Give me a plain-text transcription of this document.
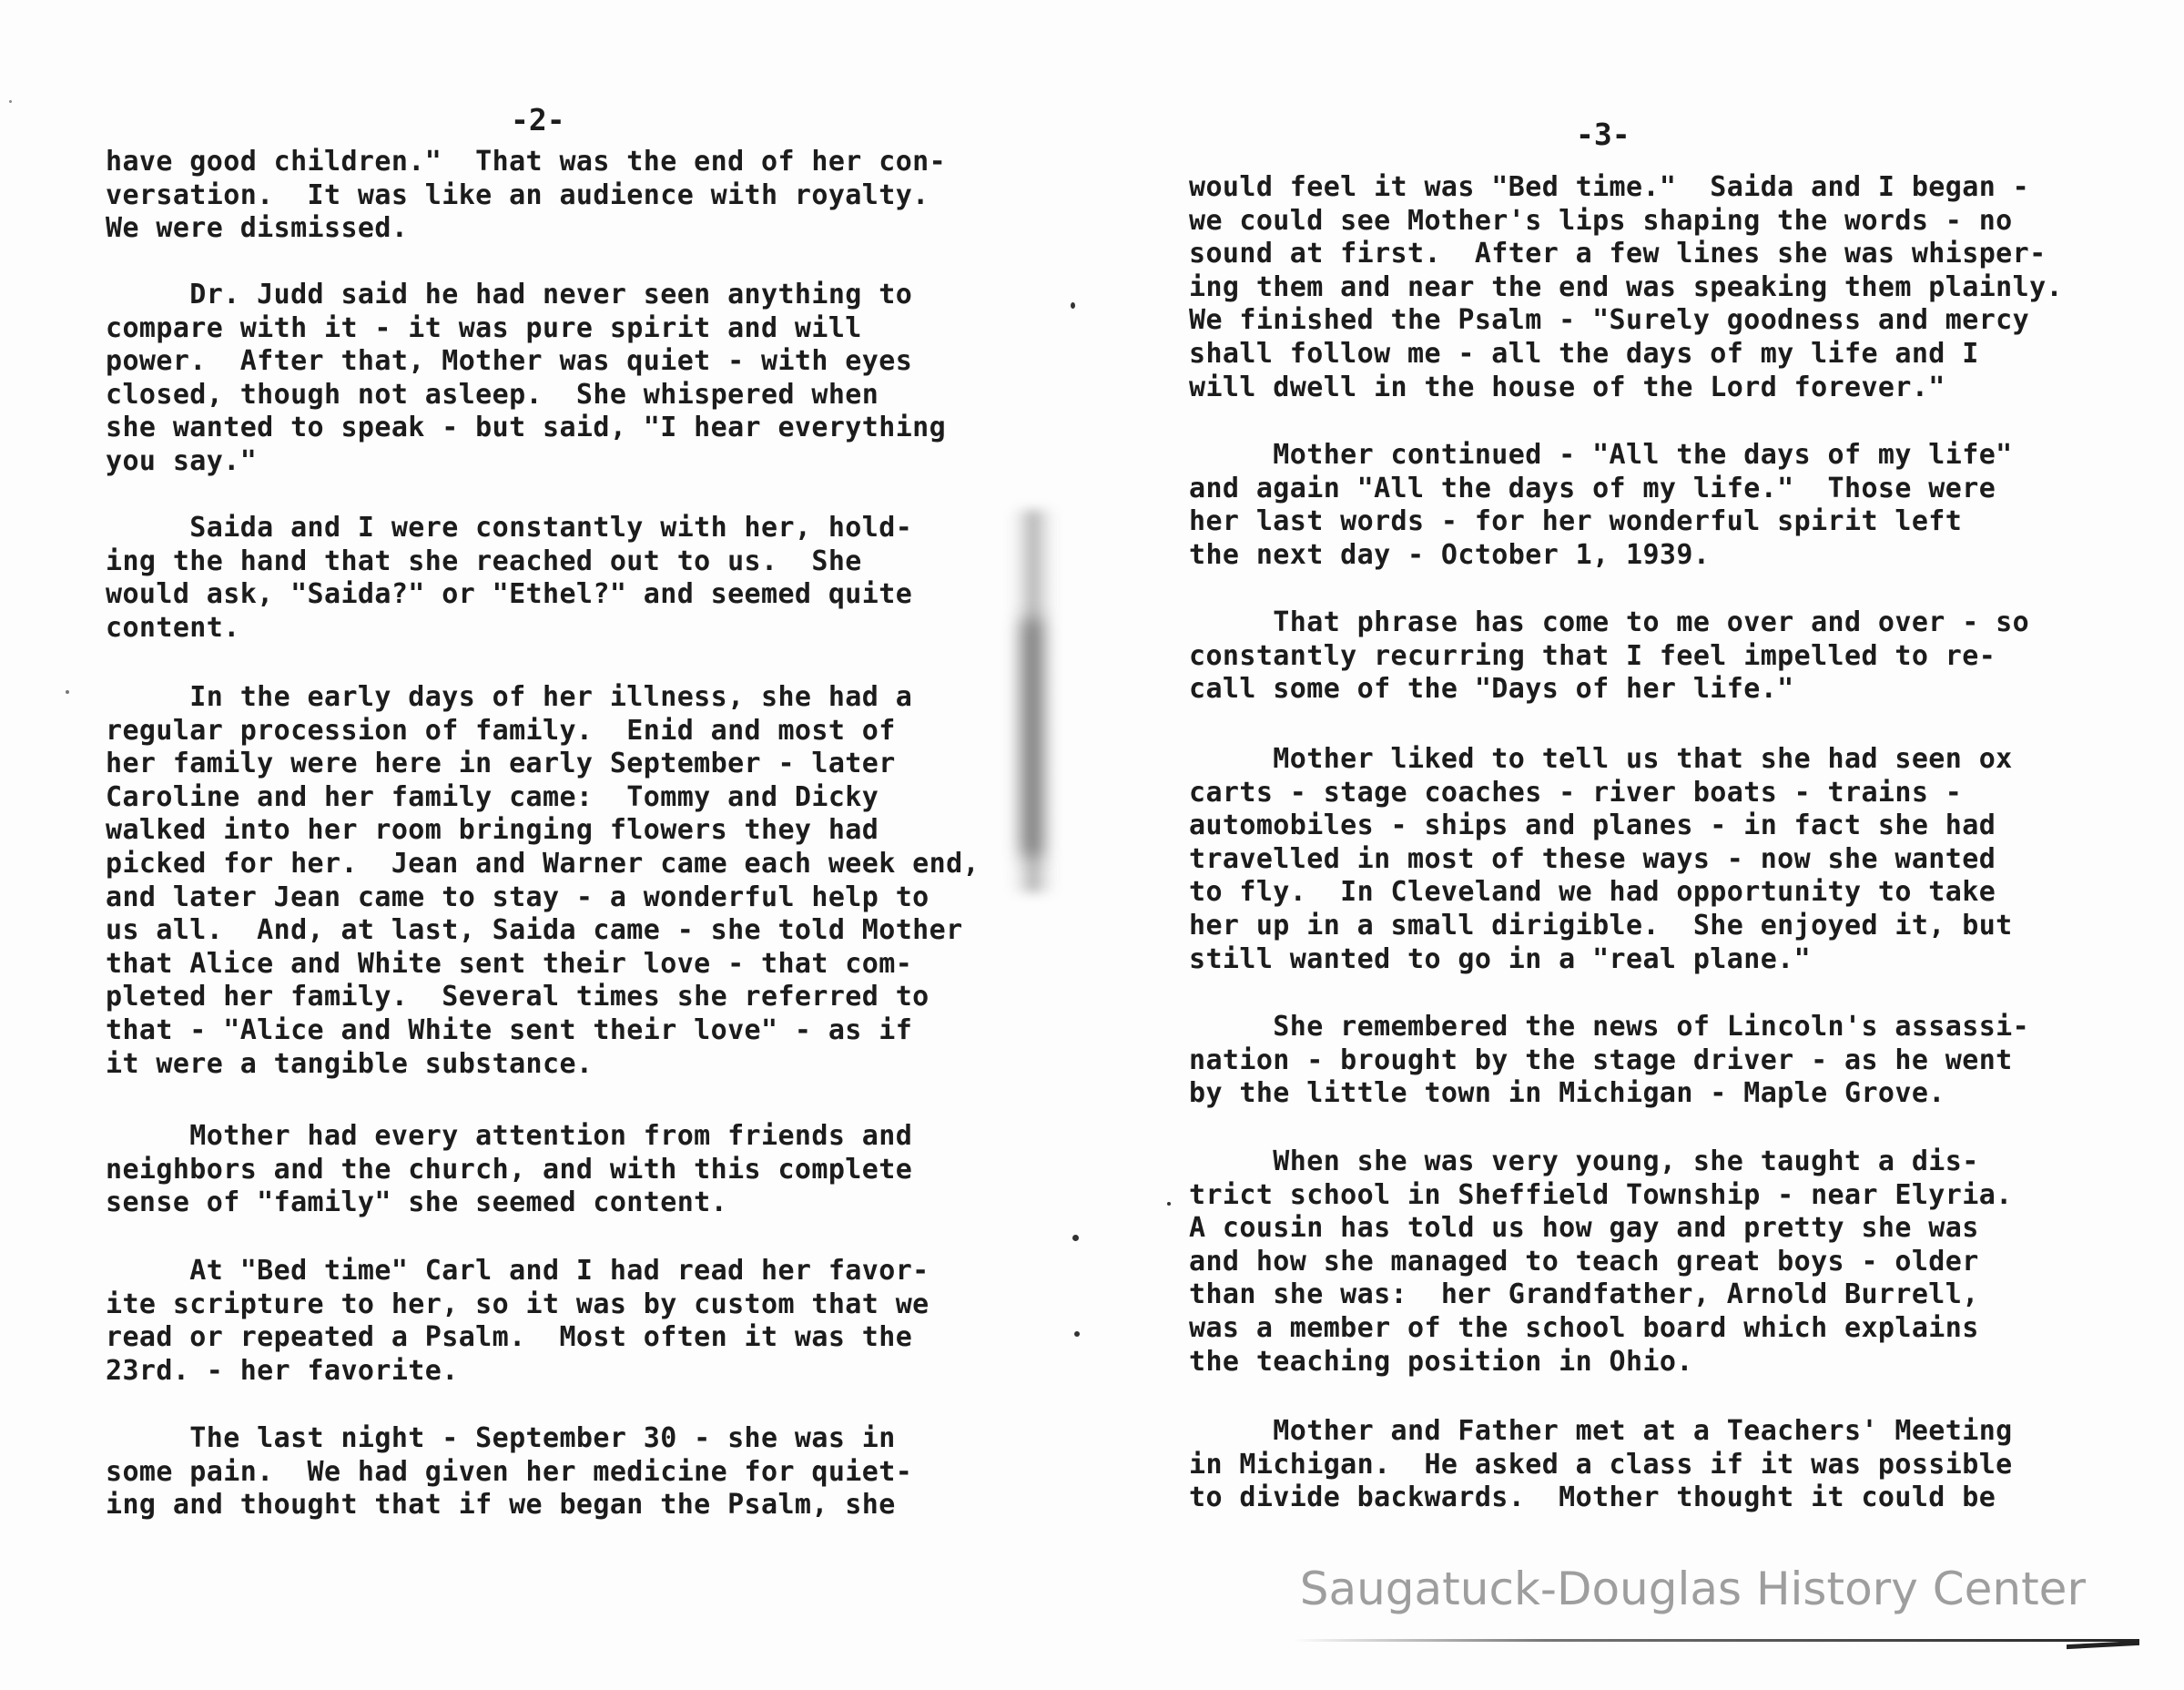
-2-
have good children."  That was the end of her con-
versation.  It was like an audience with royalty.
We were dismissed.
Dr. Judd said he had never seen anything to
compare with it - it was pure spirit and will
power.  After that, Mother was quiet - with eyes
closed, though not asleep.  She whispered when
she wanted to speak - but said, "I hear everything
you say."
Saida and I were constantly with her, hold-
ing the hand that she reached out to us.  She
would ask, "Saida?" or "Ethel?" and seemed quite
content.
In the early days of her illness, she had a
regular procession of family.  Enid and most of
her family were here in early September - later
Caroline and her family came:  Tommy and Dicky
walked into her room bringing flowers they had
picked for her.  Jean and Warner came each week end,
and later Jean came to stay - a wonderful help to
us all.  And, at last, Saida came - she told Mother
that Alice and White sent their love - that com-
pleted her family.  Several times she referred to
that - "Alice and White sent their love" - as if
it were a tangible substance.
Mother had every attention from friends and
neighbors and the church, and with this complete
sense of "family" she seemed content.
At "Bed time" Carl and I had read her favor-
ite scripture to her, so it was by custom that we
read or repeated a Psalm.  Most often it was the
23rd. - her favorite.
The last night - September 30 - she was in
some pain.  We had given her medicine for quiet-
ing and thought that if we began the Psalm, she
-3-
would feel it was "Bed time."  Saida and I began -
we could see Mother's lips shaping the words - no
sound at first.  After a few lines she was whisper-
ing them and near the end was speaking them plainly.
We finished the Psalm - "Surely goodness and mercy
shall follow me - all the days of my life and I
will dwell in the house of the Lord forever."
Mother continued - "All the days of my life"
and again "All the days of my life."  Those were
her last words - for her wonderful spirit left
the next day - October 1, 1939.
That phrase has come to me over and over - so
constantly recurring that I feel impelled to re-
call some of the "Days of her life."
Mother liked to tell us that she had seen ox
carts - stage coaches - river boats - trains -
automobiles - ships and planes - in fact she had
travelled in most of these ways - now she wanted
to fly.  In Cleveland we had opportunity to take
her up in a small dirigible.  She enjoyed it, but
still wanted to go in a "real plane."
She remembered the news of Lincoln's assassi-
nation - brought by the stage driver - as he went
by the little town in Michigan - Maple Grove.
When she was very young, she taught a dis-
trict school in Sheffield Township - near Elyria.
A cousin has told us how gay and pretty she was
and how she managed to teach great boys - older
than she was:  her Grandfather, Arnold Burrell,
was a member of the school board which explains
the teaching position in Ohio.
Mother and Father met at a Teachers' Meeting
in Michigan.  He asked a class if it was possible
to divide backwards.  Mother thought it could be
Saugatuck-Douglas History Center
